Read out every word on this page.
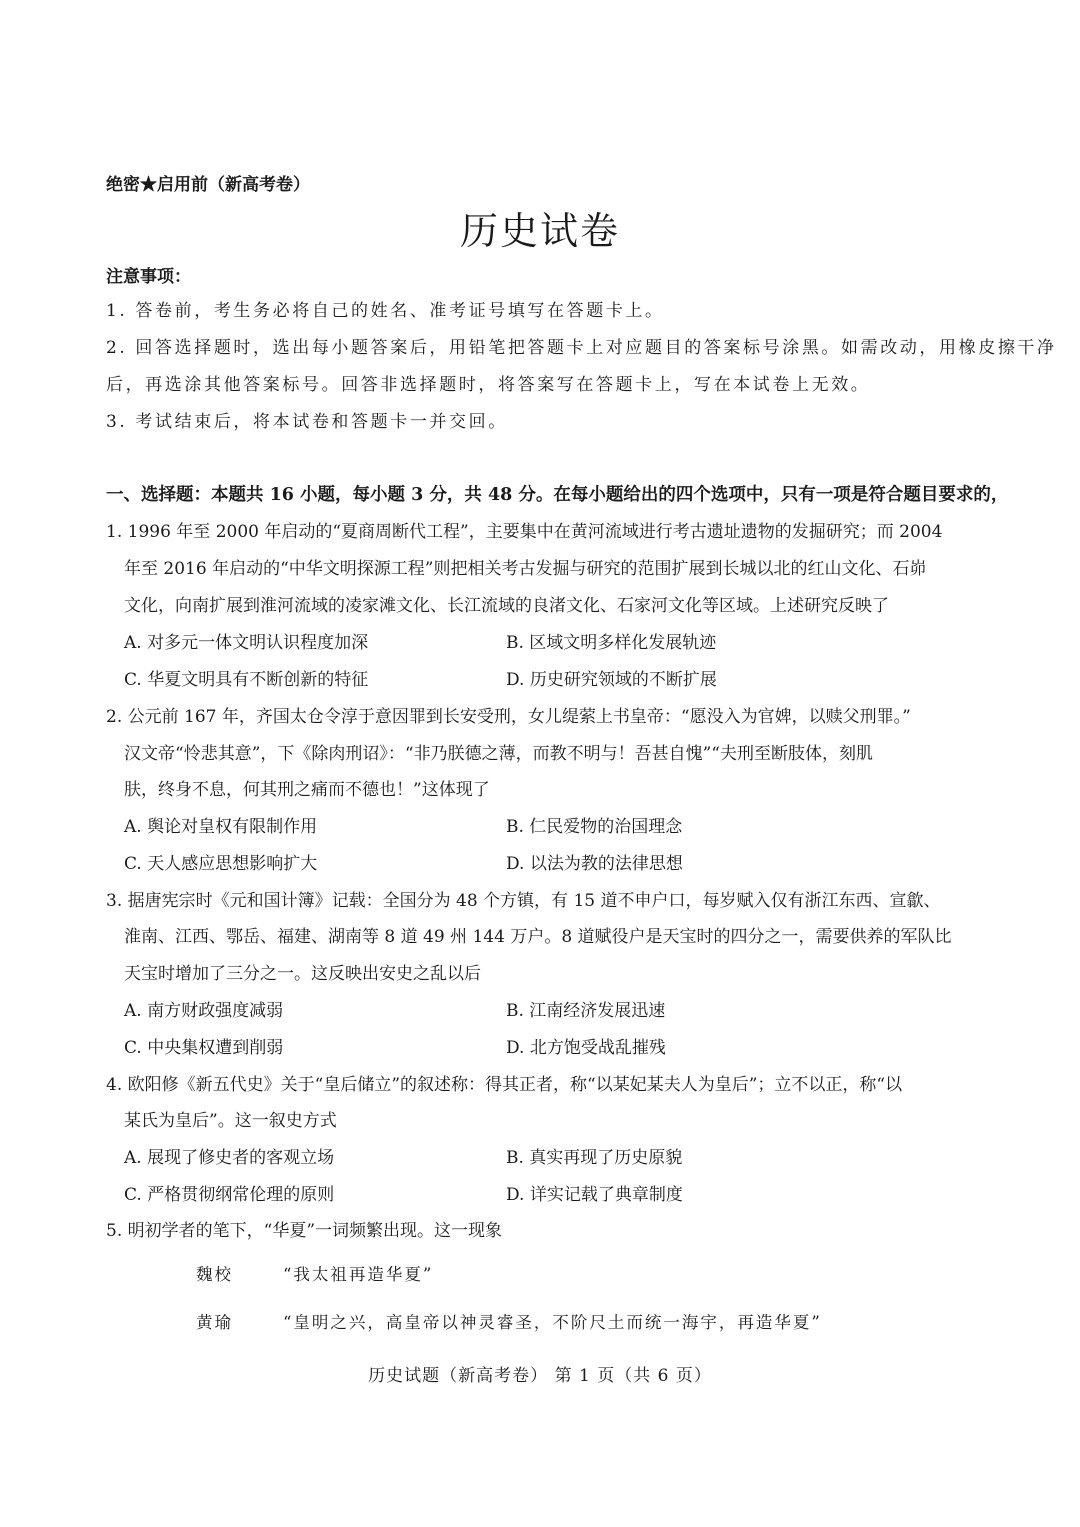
绝密★启用前（新高考卷）
历史试卷
注意事项：
1. 答卷前，考生务必将自己的姓名、准考证号填写在答题卡上。
2. 回答选择题时，选出每小题答案后，用铅笔把答题卡上对应题目的答案标号涂黑。如需改动，用橡皮擦干净
后，再选涂其他答案标号。回答非选择题时，将答案写在答题卡上，写在本试卷上无效。
3. 考试结束后，将本试卷和答题卡一并交回。
一、选择题：本题共 16 小题，每小题 3 分，共 48 分。在每小题给出的四个选项中，只有一项是符合题目要求的，
1. 1996 年至 2000 年启动的“夏商周断代工程”，主要集中在黄河流域进行考古遗址遗物的发掘研究；而 2004
年至 2016 年启动的“中华文明探源工程”则把相关考古发掘与研究的范围扩展到长城以北的红山文化、石峁
文化，向南扩展到淮河流域的凌家滩文化、长江流域的良渚文化、石家河文化等区域。上述研究反映了
A. 对多元一体文明认识程度加深	B. 区域文明多样化发展轨迹
C. 华夏文明具有不断创新的特征	D. 历史研究领域的不断扩展
2. 公元前 167 年，齐国太仓令淳于意因罪到长安受刑，女儿缇萦上书皇帝：“愿没入为官婢，以赎父刑罪。”
汉文帝“怜悲其意”，下《除肉刑诏》：“非乃朕德之薄，而教不明与！吾甚自愧”“夫刑至断肢体，刻肌
肤，终身不息，何其刑之痛而不德也！”这体现了
A. 舆论对皇权有限制作用	B. 仁民爱物的治国理念
C. 天人感应思想影响扩大	D. 以法为教的法律思想
3. 据唐宪宗时《元和国计簿》记载：全国分为 48 个方镇，有 15 道不申户口，每岁赋入仅有浙江东西、宣歙、
淮南、江西、鄂岳、福建、湖南等 8 道 49 州 144 万户。8 道赋役户是天宝时的四分之一，需要供养的军队比
天宝时增加了三分之一。这反映出安史之乱以后
A. 南方财政强度减弱	B. 江南经济发展迅速
C. 中央集权遭到削弱	D. 北方饱受战乱摧残
4. 欧阳修《新五代史》关于“皇后储立”的叙述称：得其正者，称“以某妃某夫人为皇后”；立不以正，称“以
某氏为皇后”。这一叙史方式
A. 展现了修史者的客观立场	B. 真实再现了历史原貌
C. 严格贯彻纲常伦理的原则	D. 详实记载了典章制度
5. 明初学者的笔下，“华夏”一词频繁出现。这一现象
魏校	“我太祖再造华夏”
黄瑜	“皇明之兴，高皇帝以神灵睿圣，不阶尺土而统一海宇，再造华夏”
历史试题（新高考卷） 第 1 页（共 6 页）
